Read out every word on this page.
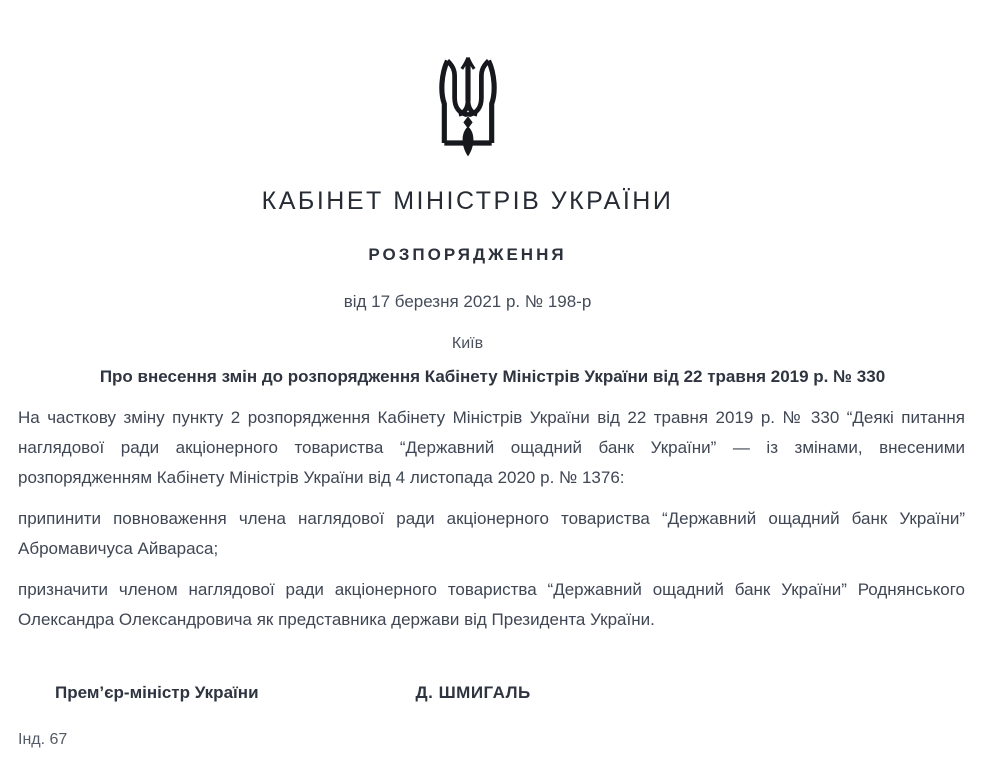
КАБІНЕТ МІНІСТРІВ УКРАЇНИ
РОЗПОРЯДЖЕННЯ
від 17 березня 2021 р. № 198-р
Київ
Про внесення змін до розпорядження Кабінету Міністрів України від 22 травня 2019 р. № 330

На часткову зміну пункту 2 розпорядження Кабінету Міністрів України від 22 травня 2019 р. № 330 “Деякі питання наглядової ради акціонерного товариства “Державний ощадний банк України” — із змінами, внесеними розпорядженням Кабінету Міністрів України від 4 листопада 2020 р. № 1376:

припинити повноваження члена наглядової ради акціонерного товариства “Державний ощадний банк України” Абромавичуса Айвараса;

призначити членом наглядової ради акціонерного товариства “Державний ощадний банк України” Роднянського Олександра Олександровича як представника держави від Президента України.

Прем’єр-міністр України	Д. ШМИГАЛЬ
Інд. 67
